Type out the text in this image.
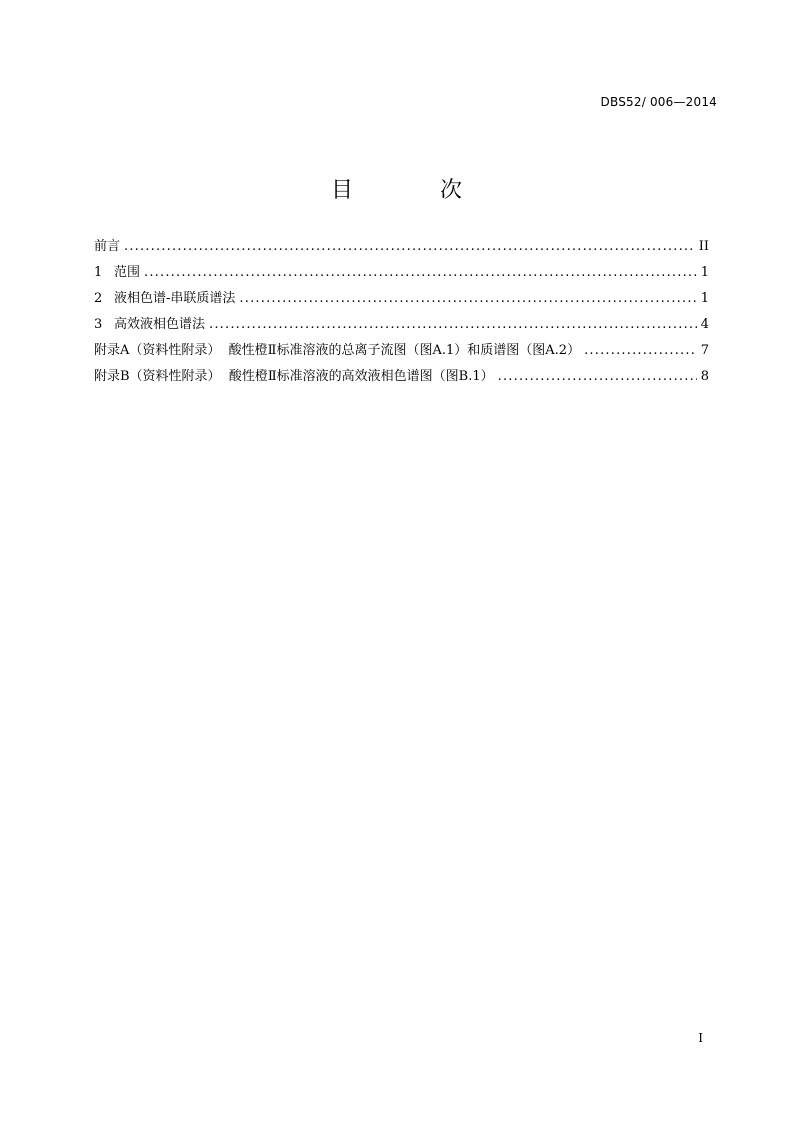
DBS52/ 006—2014
目 次
前言 .....	II
1 范围 .....	1
2 液相色谱-串联质谱法 .....	1
3 高效液相色谱法 .....	4
附录A（资料性附录）  酸性橙Ⅱ标准溶液的总离子流图（图A.1）和质谱图（图A.2） .....	7
附录B（资料性附录）  酸性橙Ⅱ标准溶液的高效液相色谱图（图B.1） .....	8
I
